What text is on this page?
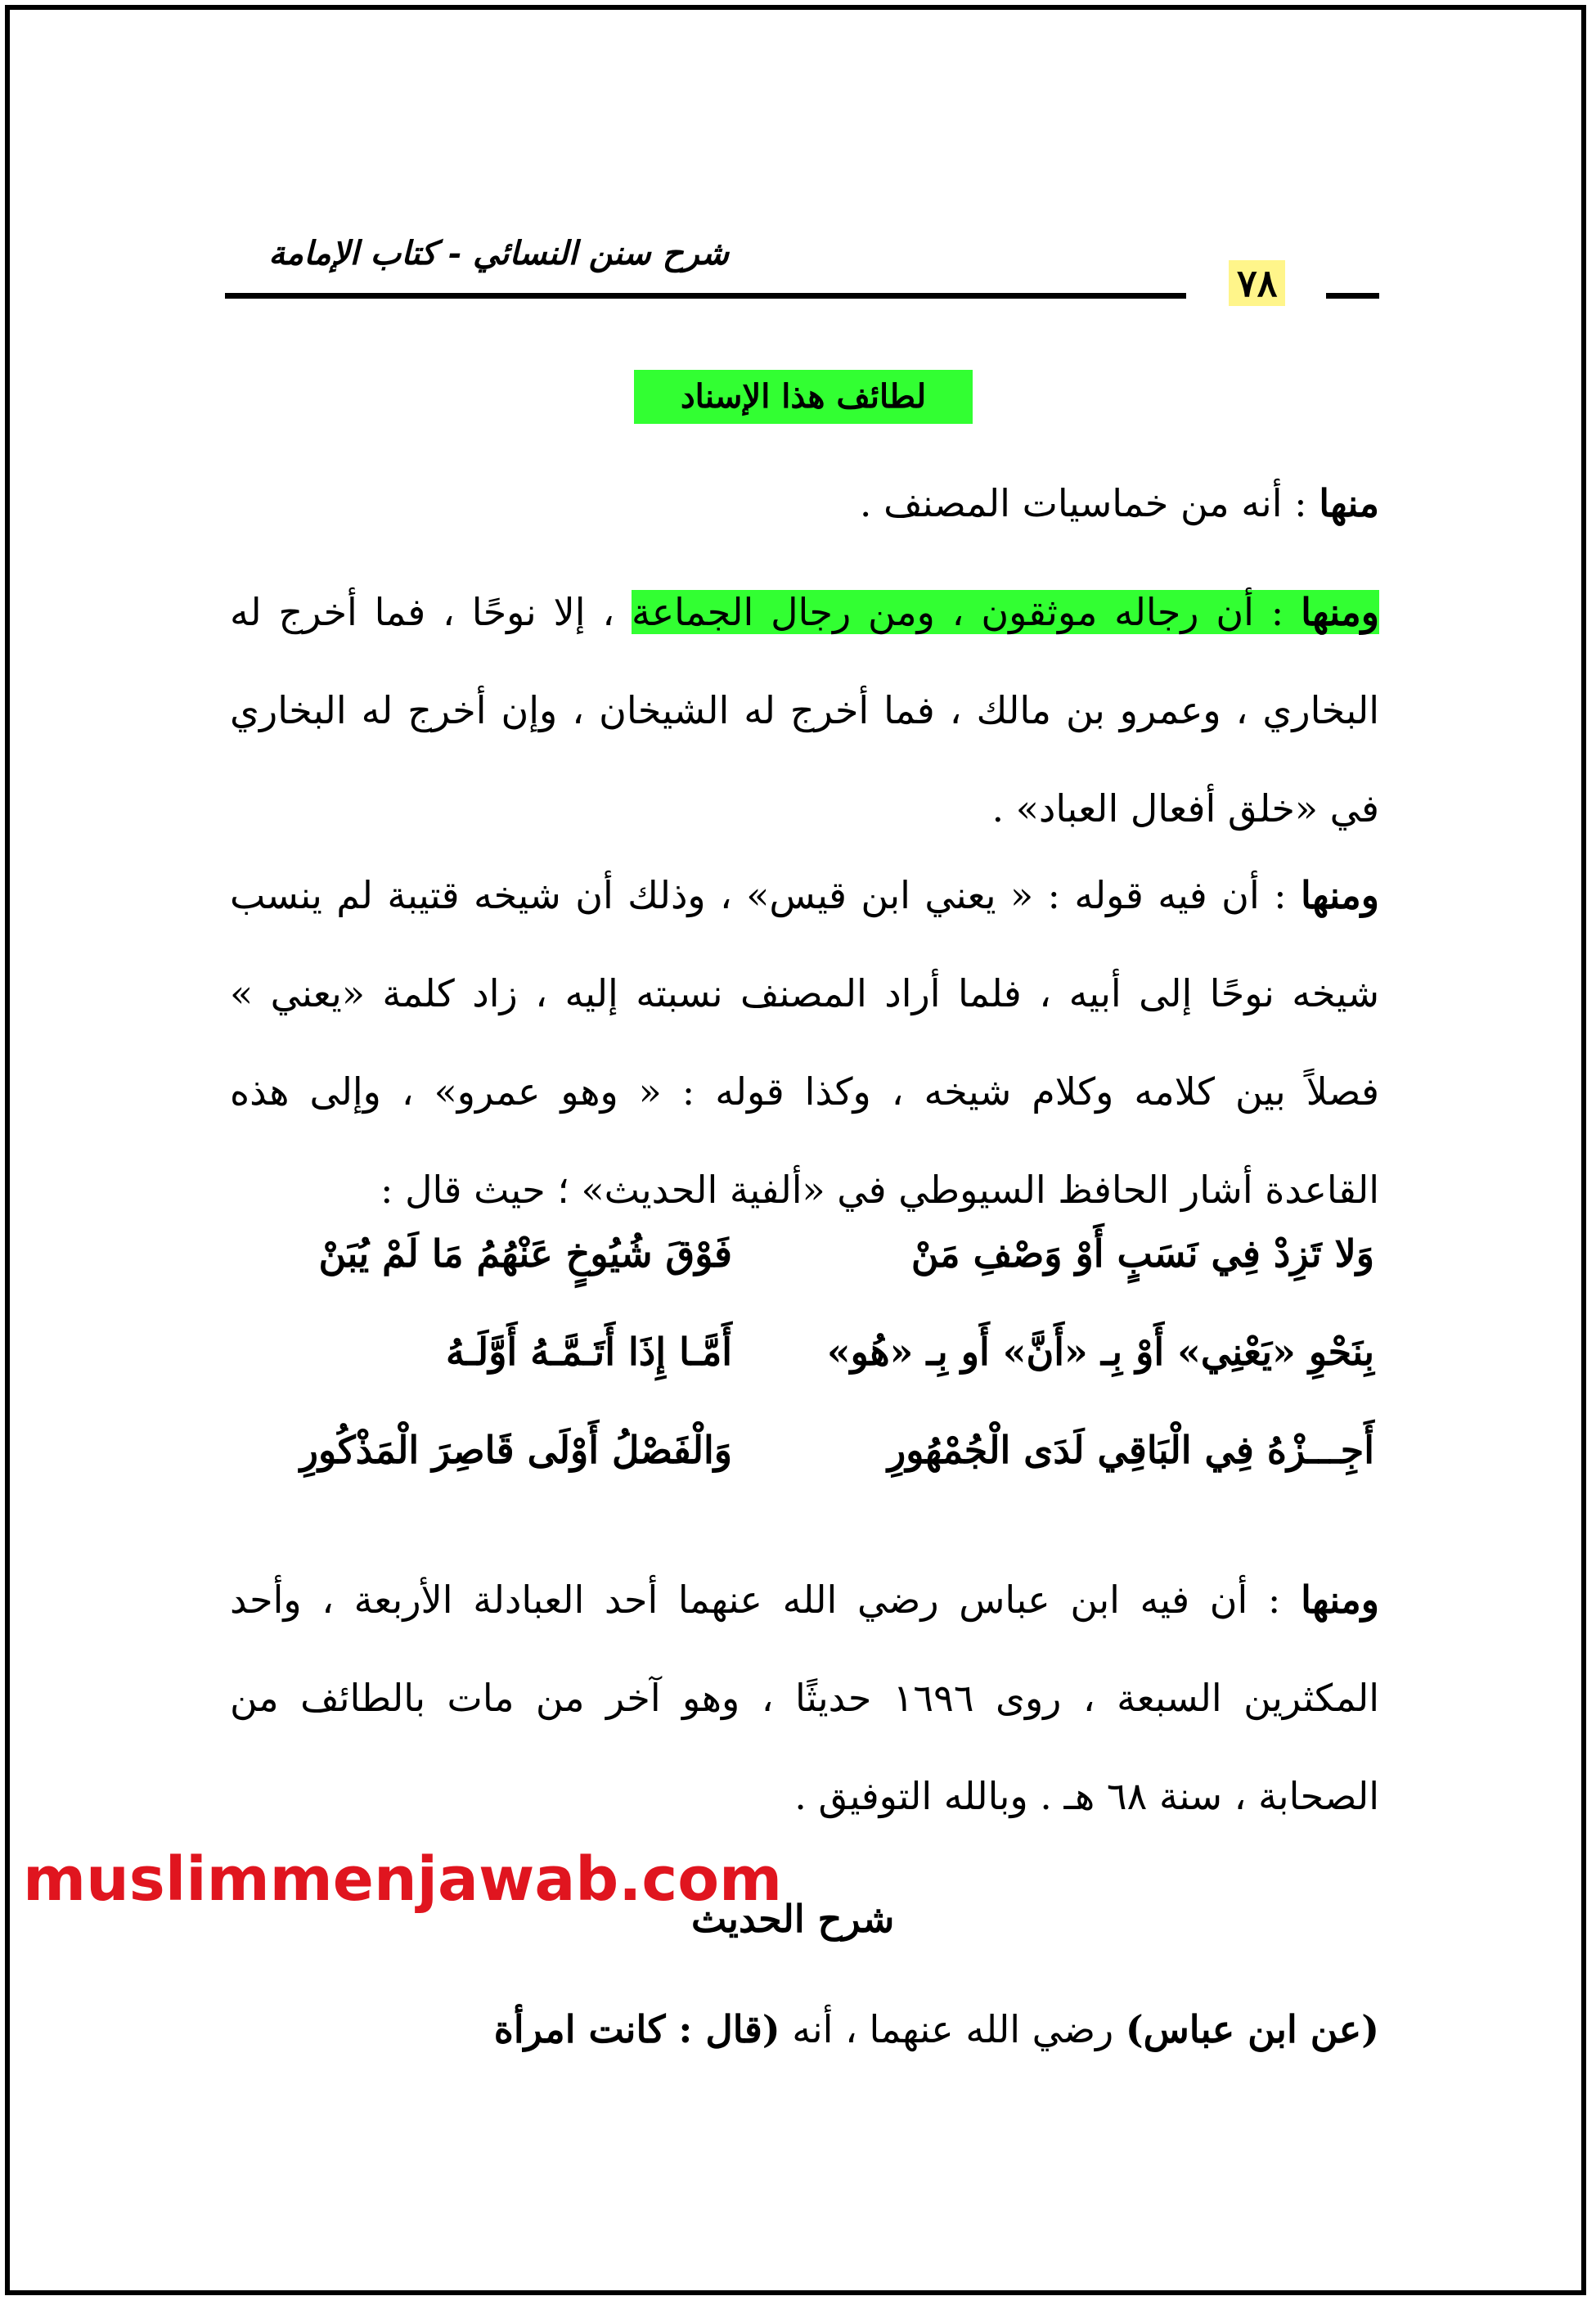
شرح سنن النسائي - كتاب الإمامة
٧٨
لطائف هذا الإسناد

منها : أنه من خماسيات المصنف .

ومنها : أن رجاله موثقون ، ومن رجال الجماعة ، إلا نوحًا ، فما أخرج له البخاري ، وعمرو بن مالك ، فما أخرج له الشيخان ، وإن أخرج له البخاري في «خلق أفعال العباد» .

ومنها : أن فيه قوله : « يعني ابن قيس» ، وذلك أن شيخه قتيبة لم ينسب شيخه نوحًا إلى أبيه ، فلما أراد المصنف نسبته إليه ، زاد كلمة «يعني » فصلاً بين كلامه وكلام شيخه ، وكذا قوله : « وهو عمرو» ، وإلى هذه القاعدة أشار الحافظ السيوطي في «ألفية الحديث» ؛ حيث قال :

وَلا تَزِدْ فِي نَسَبٍ أَوْ وَصْفِ مَنْ
فَوْقَ شُيُوخٍ عَنْهُمُ مَا لَمْ يُبَنْ
بِنَحْوِ «يَعْنِي» أَوْ بِـ «أَنَّ» أَو بِـ «هُو»
أَمَّـا إِذَا أَتَـمَّـهُ أَوَّلَـهُ
أَجِـــزْهُ فِي الْبَاقِي لَدَى الْجُمْهُورِ
وَالْفَصْلُ أَوْلَى قَاصِرَ الْمَذْكُورِ

ومنها : أن فيه ابن عباس رضي الله عنهما أحد العبادلة الأربعة ، وأحد المكثرين السبعة ، روى ١٦٩٦ حديثًا ، وهو آخر من مات بالطائف من الصحابة ، سنة ٦٨ هـ . وبالله التوفيق .

muslimmenjawab.com
شرح الحديث

(عن ابن عباس) رضي الله عنهما ، أنه (قال : كانت امرأة
